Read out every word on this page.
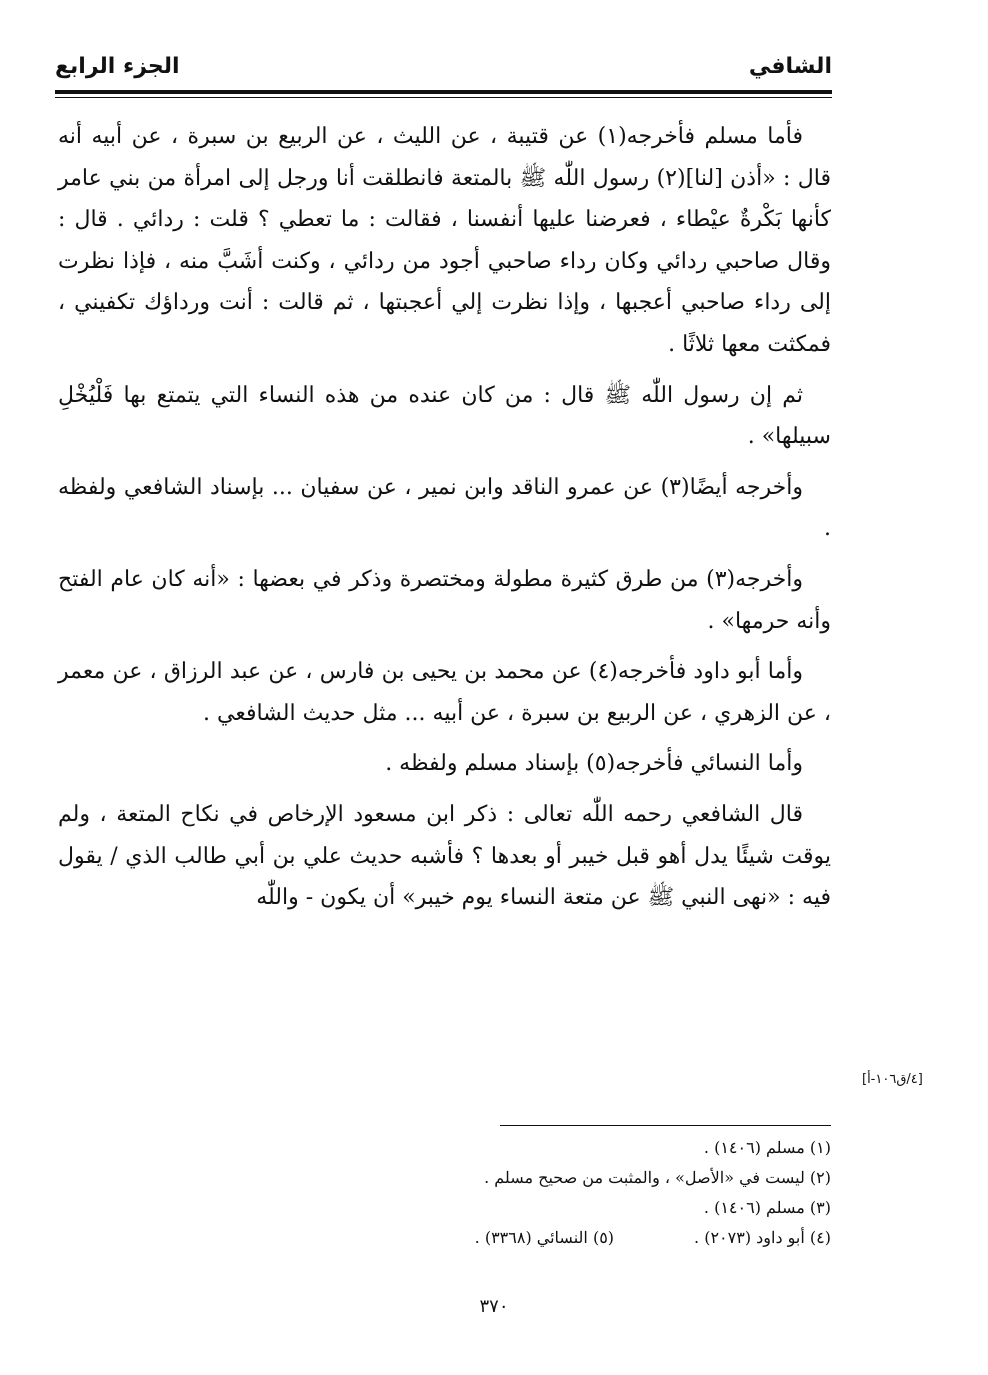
الشافي
الجزء الرابع

فأما مسلم فأخرجه(١) عن قتيبة ، عن الليث ، عن الربيع بن سبرة ، عن أبيه أنه قال : «أذن [لنا](٢) رسول اللّٰه ﷺ بالمتعة فانطلقت أنا ورجل إلى امرأة من بني عامر كأنها بَكْرةٌ عيْطاء ، فعرضنا عليها أنفسنا ، فقالت : ما تعطي ؟ قلت : ردائي . قال : وقال صاحبي ردائي وكان رداء صاحبي أجود من ردائي ، وكنت أشَبَّ منه ، فإذا نظرت إلى رداء صاحبي أعجبها ، وإذا نظرت إلي أعجبتها ، ثم قالت : أنت ورداؤك تكفيني ، فمكثت معها ثلاثًا .

ثم إن رسول اللّٰه ﷺ قال : من كان عنده من هذه النساء التي يتمتع بها فَلْيُخْلِ سبيلها» .

وأخرجه أيضًا(٣) عن عمرو الناقد وابن نمير ، عن سفيان ... بإسناد الشافعي ولفظه .

وأخرجه(٣) من طرق كثيرة مطولة ومختصرة وذكر في بعضها : «أنه كان عام الفتح وأنه حرمها» .

وأما أبو داود فأخرجه(٤) عن محمد بن يحيى بن فارس ، عن عبد الرزاق ، عن معمر ، عن الزهري ، عن الربيع بن سبرة ، عن أبيه ... مثل حديث الشافعي .

وأما النسائي فأخرجه(٥) بإسناد مسلم ولفظه .

قال الشافعي رحمه اللّٰه تعالى : ذكر ابن مسعود الإرخاص في نكاح المتعة ، ولم يوقت شيئًا يدل أهو قبل خيبر أو بعدها ؟ فأشبه حديث علي بن أبي طالب الذي / يقول فيه : «نهى النبي ﷺ عن متعة النساء يوم خيبر» أن يكون - واللّٰه

[٤/ق١٠٦-أ]
(١) مسلم (١٤٠٦) .
(٢) ليست في «الأصل» ، والمثبت من صحيح مسلم .
(٣) مسلم (١٤٠٦) .
(٤) أبو داود (٢٠٧٣) .
(٥) النسائي (٣٣٦٨) .
٣٧٠
